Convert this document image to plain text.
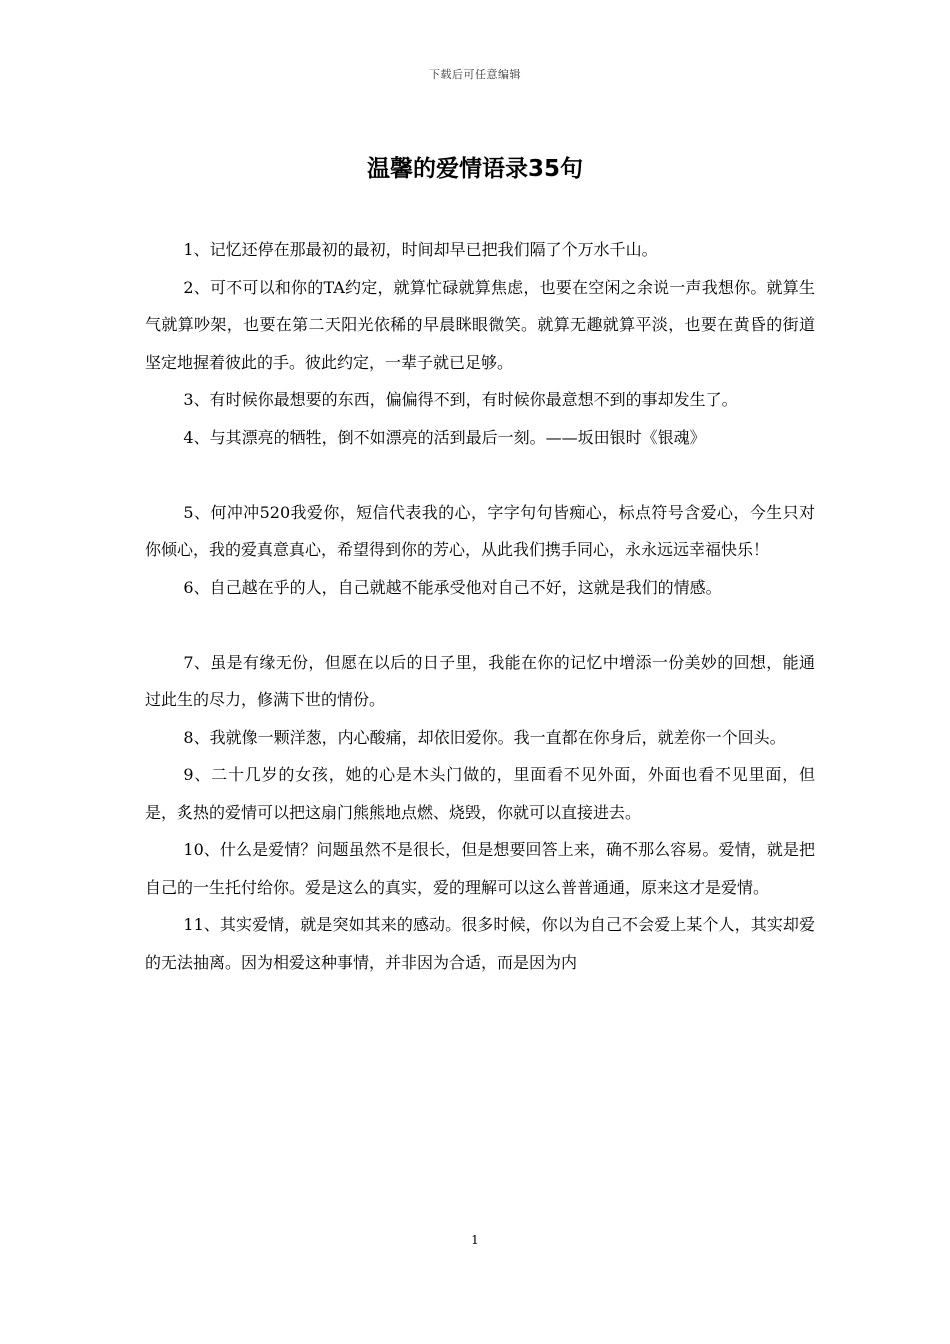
下载后可任意编辑
温馨的爱情语录35句

1、记忆还停在那最初的最初，时间却早已把我们隔了个万水千山。

2、可不可以和你的TA约定，就算忙碌就算焦虑，也要在空闲之余说一声我想你。就算生气就算吵架，也要在第二天阳光依稀的早晨眯眼微笑。就算无趣就算平淡，也要在黄昏的街道坚定地握着彼此的手。彼此约定，一辈子就已足够。

3、有时候你最想要的东西，偏偏得不到，有时候你最意想不到的事却发生了。

4、与其漂亮的牺牲，倒不如漂亮的活到最后一刻。——坂田银时《银魂》

5、何冲冲520我爱你，短信代表我的心，字字句句皆痴心，标点符号含爱心，今生只对你倾心，我的爱真意真心，希望得到你的芳心，从此我们携手同心，永永远远幸福快乐！

6、自己越在乎的人，自己就越不能承受他对自己不好，这就是我们的情感。

7、虽是有缘无份，但愿在以后的日子里，我能在你的记忆中增添一份美妙的回想，能通过此生的尽力，修满下世的情份。

8、我就像一颗洋葱，内心酸痛，却依旧爱你。我一直都在你身后，就差你一个回头。

9、二十几岁的女孩，她的心是木头门做的，里面看不见外面，外面也看不见里面，但是，炙热的爱情可以把这扇门熊熊地点燃、烧毁，你就可以直接进去。

10、什么是爱情？问题虽然不是很长，但是想要回答上来，确不那么容易。爱情，就是把自己的一生托付给你。爱是这么的真实，爱的理解可以这么普普通通，原来这才是爱情。

11、其实爱情，就是突如其来的感动。很多时候，你以为自己不会爱上某个人，其实却爱的无法抽离。因为相爱这种事情，并非因为合适，而是因为内

1
